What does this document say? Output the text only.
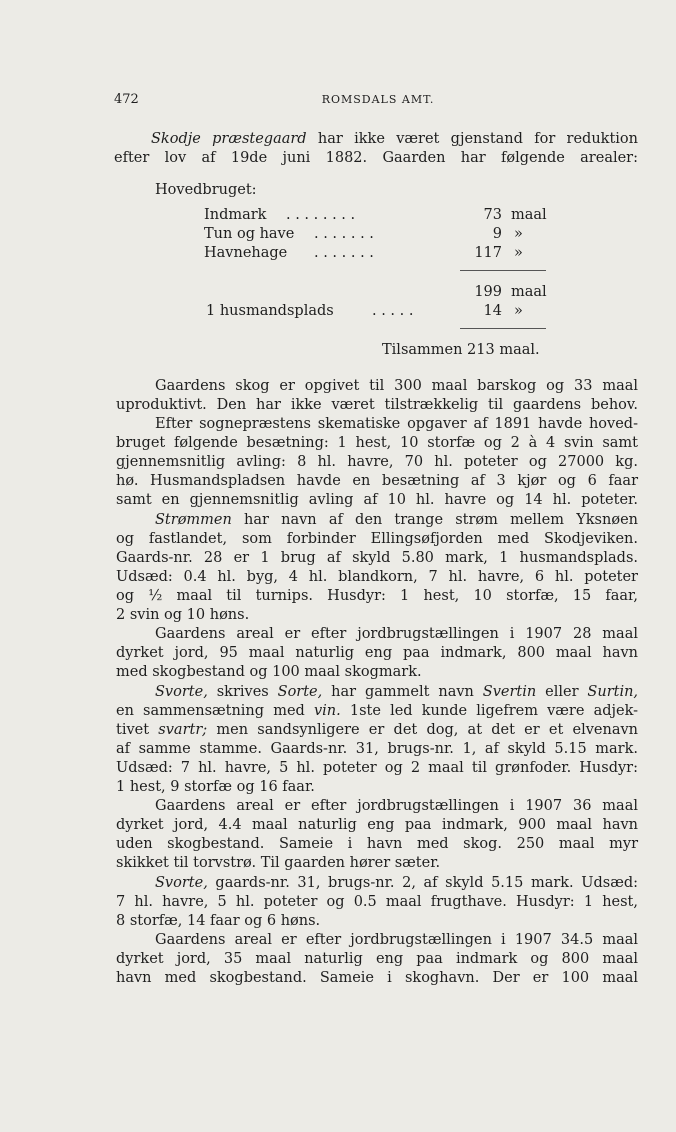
472	ROMSDALS AMT.
Skodje præstegaard har ikke været gjenstand for reduktion
efter lov af 19de juni 1882. Gaarden har følgende arealer:
Hovedbruget:
Indmark . . . . . . . .	73 maal
Tun og have . . . . . . .	9 »
Havnehage . . . . . . .	117 »
199 maal
1 husmandsplads	. . . . .	14 »
Tilsammen 213 maal.
Gaardens skog er opgivet til 300 maal barskog og 33 maal
uproduktivt. Den har ikke været tilstrækkelig til gaardens behov.
Efter sognepræstens skematiske opgaver af 1891 havde hoved-
bruget følgende besætning: 1 hest, 10 storfæ og 2 à 4 svin samt
gjennemsnitlig avling: 8 hl. havre, 70 hl. poteter og 27000 kg.
hø. Husmandspladsen havde en besætning af 3 kjør og 6 faar
samt en gjennemsnitlig avling af 10 hl. havre og 14 hl. poteter.
Strømmen har navn af den trange strøm mellem Yksnøen
og fastlandet, som forbinder Ellingsøfjorden med Skodjeviken.
Gaards-nr. 28 er 1 brug af skyld 5.80 mark, 1 husmandsplads.
Udsæd: 0.4 hl. byg, 4 hl. blandkorn, 7 hl. havre, 6 hl. poteter
og ½ maal til turnips. Husdyr: 1 hest, 10 storfæ, 15 faar,
2 svin og 10 høns.
Gaardens areal er efter jordbrugstællingen i 1907 28 maal
dyrket jord, 95 maal naturlig eng paa indmark, 800 maal havn
med skogbestand og 100 maal skogmark.
Svorte, skrives Sorte, har gammelt navn Svertin eller Surtin,
en sammensætning med vin. 1ste led kunde ligefrem være adjek-
tivet svartr; men sandsynligere er det dog, at det er et elvenavn
af samme stamme. Gaards-nr. 31, brugs-nr. 1, af skyld 5.15 mark.
Udsæd: 7 hl. havre, 5 hl. poteter og 2 maal til grønfoder. Husdyr:
1 hest, 9 storfæ og 16 faar.
Gaardens areal er efter jordbrugstællingen i 1907 36 maal
dyrket jord, 4.4 maal naturlig eng paa indmark, 900 maal havn
uden skogbestand. Sameie i havn med skog. 250 maal myr
skikket til torvstrø. Til gaarden hører sæter.
Svorte, gaards-nr. 31, brugs-nr. 2, af skyld 5.15 mark. Udsæd:
7 hl. havre, 5 hl. poteter og 0.5 maal frugthave. Husdyr: 1 hest,
8 storfæ, 14 faar og 6 høns.
Gaardens areal er efter jordbrugstællingen i 1907 34.5 maal
dyrket jord, 35 maal naturlig eng paa indmark og 800 maal
havn med skogbestand. Sameie i skoghavn. Der er 100 maal
